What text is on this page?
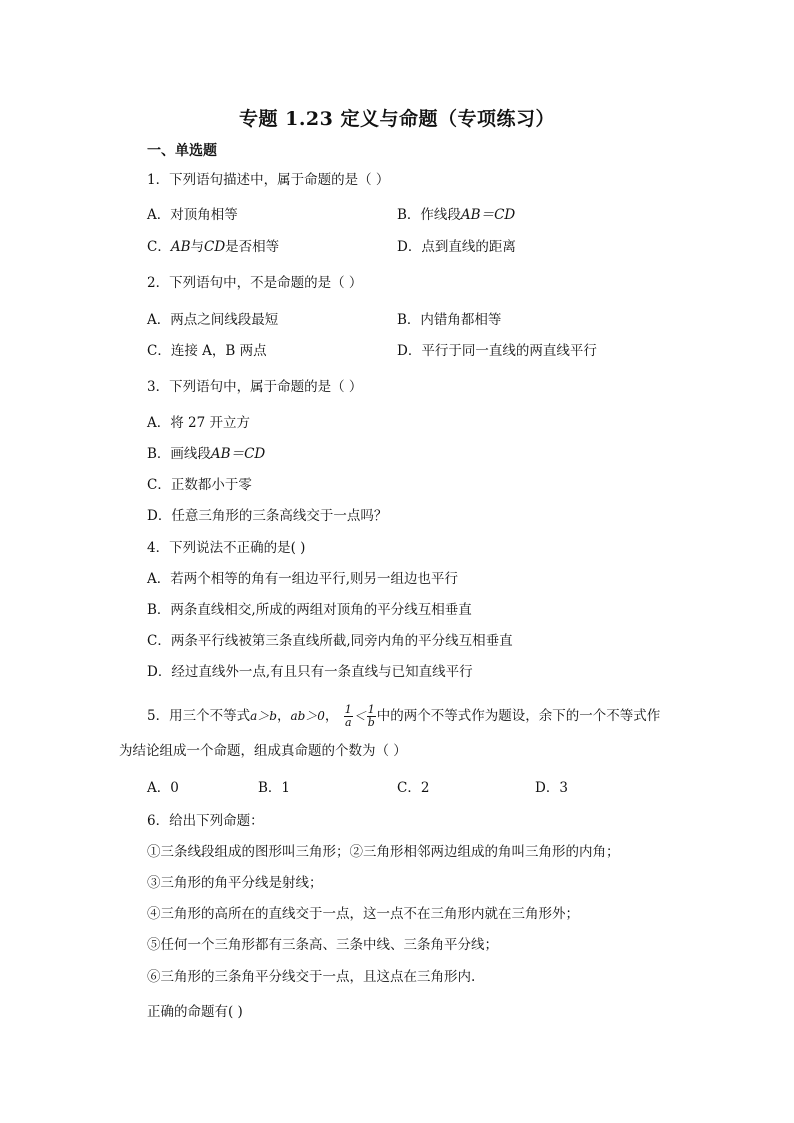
专题 1.23 定义与命题（专项练习）
一、单选题
1．下列语句描述中，属于命题的是（ ）
A．对顶角相等	B．作线段AB＝CD
C．AB与CD是否相等	D．点到直线的距离
2．下列语句中，不是命题的是（ ）
A．两点之间线段最短	B．内错角都相等
C．连接 A，B 两点	D．平行于同一直线的两直线平行
3．下列语句中，属于命题的是（ ）
A．将 27 开立方
B．画线段AB＝CD
C．正数都小于零
D．任意三角形的三条高线交于一点吗？
4．下列说法不正确的是( )
A．若两个相等的角有一组边平行,则另一组边也平行
B．两条直线相交,所成的两组对顶角的平分线互相垂直
C．两条平行线被第三条直线所截,同旁内角的平分线互相垂直
D．经过直线外一点,有且只有一条直线与已知直线平行
5．用三个不等式a＞b，ab＞0， $\frac{1}{a} < \frac{1}{b}$ 中的两个不等式作为题设，余下的一个不等式作
为结论组成一个命题，组成真命题的个数为（ ）
A．0	B．1	C．2	D．3
6．给出下列命题：
①三条线段组成的图形叫三角形；②三角形相邻两边组成的角叫三角形的内角；
③三角形的角平分线是射线；
④三角形的高所在的直线交于一点，这一点不在三角形内就在三角形外；
⑤任何一个三角形都有三条高、三条中线、三条角平分线；
⑥三角形的三条角平分线交于一点，且这点在三角形内.
正确的命题有( )
